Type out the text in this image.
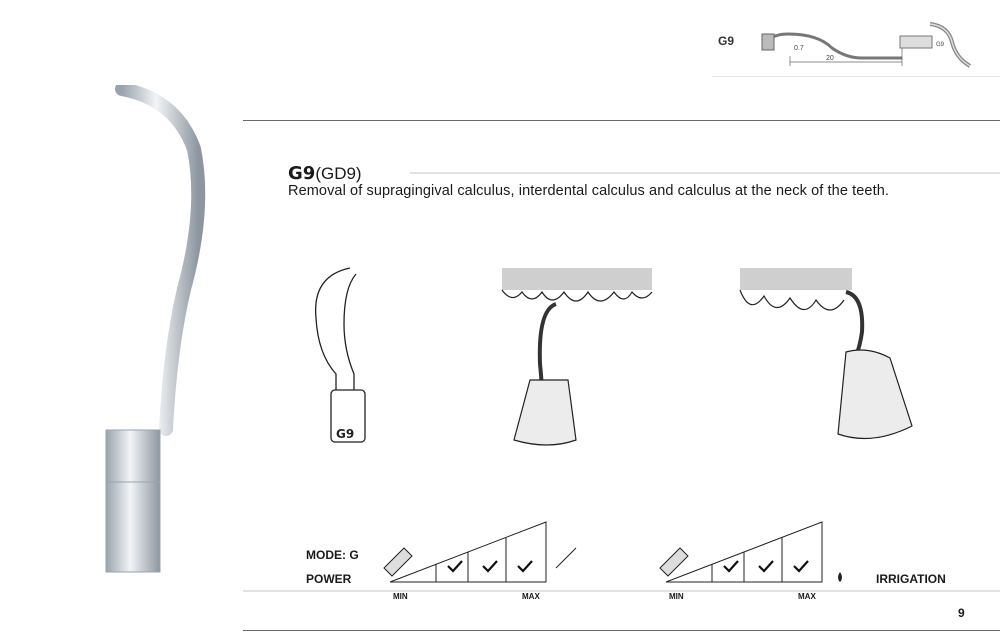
G9
20
0.7	G9
G9(GD9)
Removal of supragingival calculus, interdental calculus and calculus at the neck of the teeth.
G9
MODE: G
POWER	IRRIGATION
MIN	MAX	MIN	MAX
9
